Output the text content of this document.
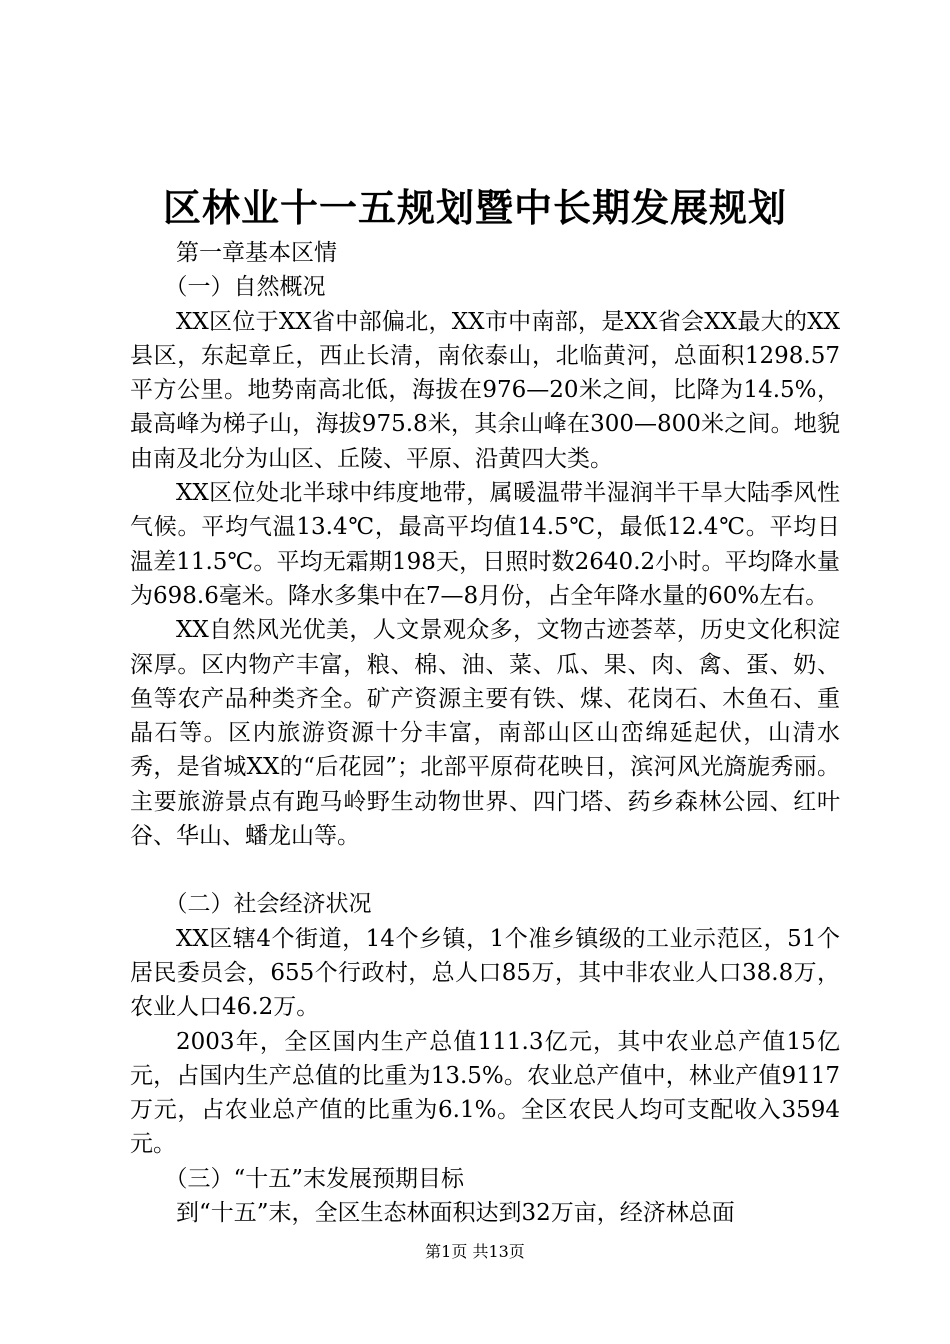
区林业十一五规划暨中长期发展规划

第一章基本区情

（一）自然概况

XX区位于XX省中部偏北，XX市中南部，是XX省会XX最大的XX县区，东起章丘，西止长清，南依泰山，北临黄河，总面积1298.57平方公里。地势南高北低，海拔在976—20米之间，比降为14.5%，最高峰为梯子山，海拔975.8米，其余山峰在300—800米之间。地貌由南及北分为山区、丘陵、平原、沿黄四大类。

XX区位处北半球中纬度地带，属暖温带半湿润半干旱大陆季风性气候。平均气温13.4℃，最高平均值14.5℃，最低12.4℃。平均日温差11.5℃。平均无霜期198天，日照时数2640.2小时。平均降水量为698.6毫米。降水多集中在7—8月份，占全年降水量的60%左右。

XX自然风光优美，人文景观众多，文物古迹荟萃，历史文化积淀深厚。区内物产丰富，粮、棉、油、菜、瓜、果、肉、禽、蛋、奶、鱼等农产品种类齐全。矿产资源主要有铁、煤、花岗石、木鱼石、重晶石等。区内旅游资源十分丰富，南部山区山峦绵延起伏，山清水秀，是省城XX的“后花园”；北部平原荷花映日，滨河风光旖旎秀丽。主要旅游景点有跑马岭野生动物世界、四门塔、药乡森林公园、红叶谷、华山、蟠龙山等。

（二）社会经济状况

XX区辖4个街道，14个乡镇，1个准乡镇级的工业示范区，51个居民委员会，655个行政村，总人口85万，其中非农业人口38.8万，农业人口46.2万。

2003年，全区国内生产总值111.3亿元，其中农业总产值15亿元，占国内生产总值的比重为13.5%。农业总产值中，林业产值9117万元，占农业总产值的比重为6.1%。全区农民人均可支配收入3594元。

（三）“十五”末发展预期目标

到“十五”末，全区生态林面积达到32万亩，经济林总面

第1页 共13页
